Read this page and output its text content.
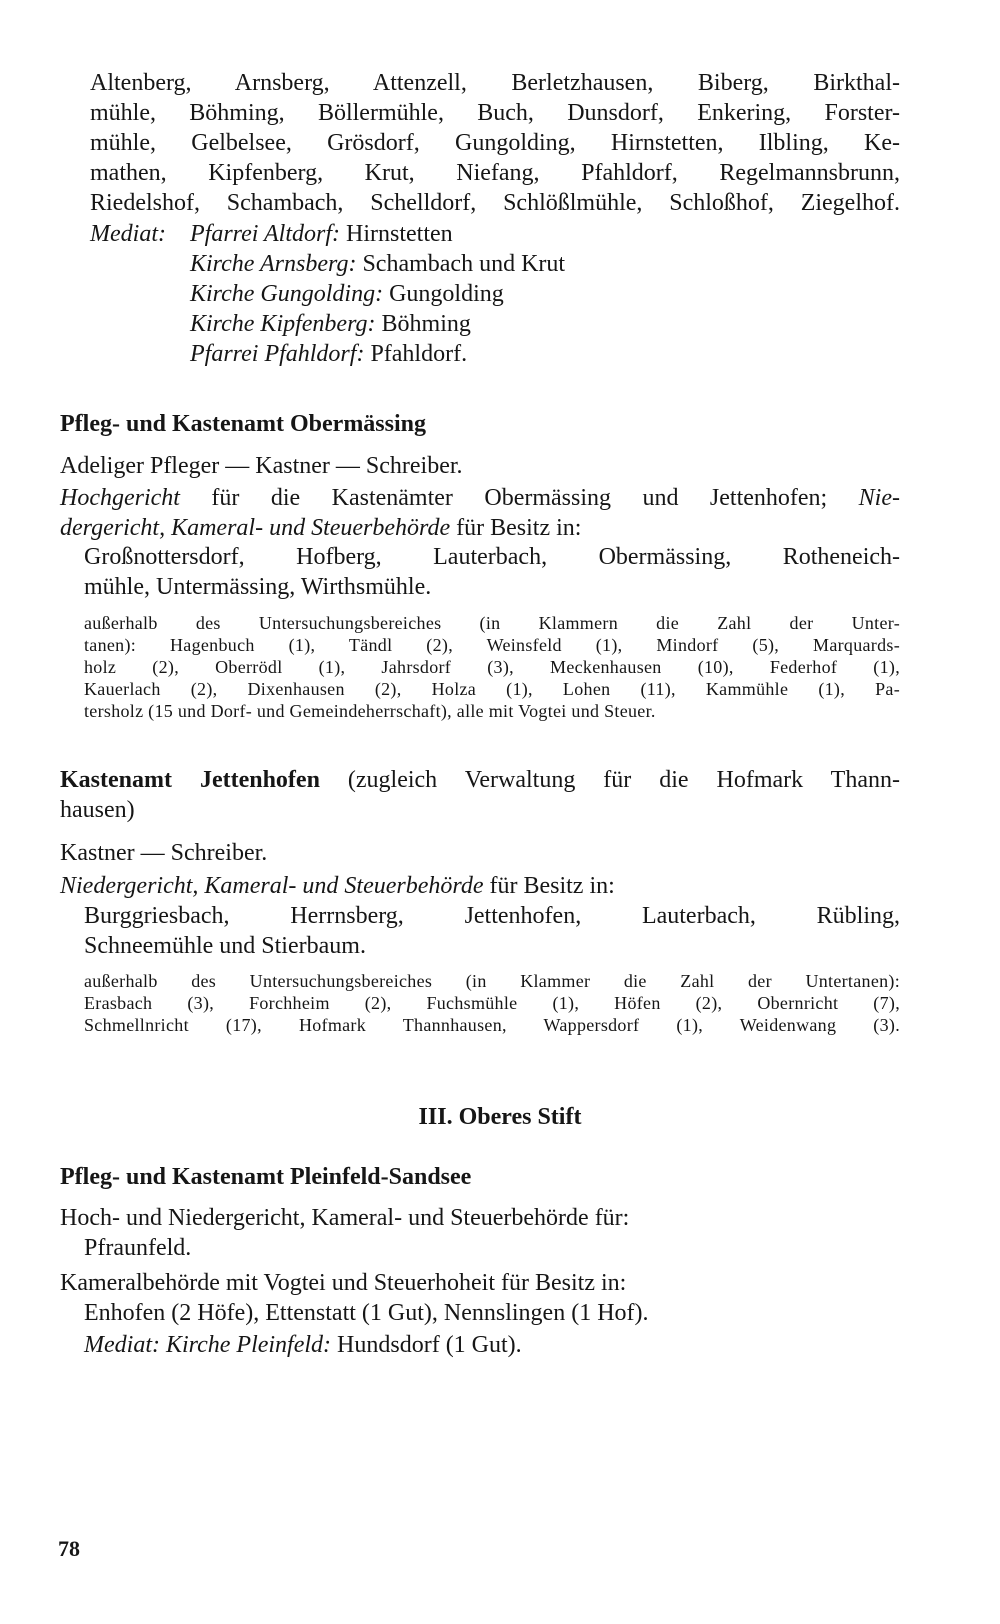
Altenberg, Arnsberg, Attenzell, Berletzhausen, Biberg, Birkthal-
mühle, Böhming, Böllermühle, Buch, Dunsdorf, Enkering, Forster-
mühle, Gelbelsee, Grösdorf, Gungolding, Hirnstetten, Ilbling, Ke-
mathen, Kipfenberg, Krut, Niefang, Pfahldorf, Regelmannsbrunn,
Riedelshof, Schambach, Schelldorf, Schlößlmühle, Schloßhof, Ziegelhof.
Mediat: Pfarrei Altdorf: Hirnstetten
Kirche Arnsberg: Schambach und Krut
Kirche Gungolding: Gungolding
Kirche Kipfenberg: Böhming
Pfarrei Pfahldorf: Pfahldorf.
Pfleg- und Kastenamt Obermässing
Adeliger Pfleger — Kastner — Schreiber.
Hochgericht für die Kastenämter Obermässing und Jettenhofen; Nie-
dergericht, Kameral- und Steuerbehörde für Besitz in:
Großnottersdorf, Hofberg, Lauterbach, Obermässing, Rotheneich-
mühle, Untermässing, Wirthsmühle.
außerhalb des Untersuchungsbereiches (in Klammern die Zahl der Unter-
tanen): Hagenbuch (1), Tändl (2), Weinsfeld (1), Mindorf (5), Marquards-
holz (2), Oberrödl (1), Jahrsdorf (3), Meckenhausen (10), Federhof (1),
Kauerlach (2), Dixenhausen (2), Holza (1), Lohen (11), Kammühle (1), Pa-
tersholz (15 und Dorf- und Gemeindeherrschaft), alle mit Vogtei und Steuer.
Kastenamt Jettenhofen (zugleich Verwaltung für die Hofmark Thann-
hausen)
Kastner — Schreiber.
Niedergericht, Kameral- und Steuerbehörde für Besitz in:
Burggriesbach, Herrnsberg, Jettenhofen, Lauterbach, Rübling,
Schneemühle und Stierbaum.
außerhalb des Untersuchungsbereiches (in Klammer die Zahl der Untertanen):
Erasbach (3), Forchheim (2), Fuchsmühle (1), Höfen (2), Obernricht (7),
Schmellnricht (17), Hofmark Thannhausen, Wappersdorf (1), Weidenwang (3).
III. Oberes Stift
Pfleg- und Kastenamt Pleinfeld-Sandsee
Hoch- und Niedergericht, Kameral- und Steuerbehörde für:
Pfraunfeld.
Kameralbehörde mit Vogtei und Steuerhoheit für Besitz in:
Enhofen (2 Höfe), Ettenstatt (1 Gut), Nennslingen (1 Hof).
Mediat: Kirche Pleinfeld: Hundsdorf (1 Gut).
78
